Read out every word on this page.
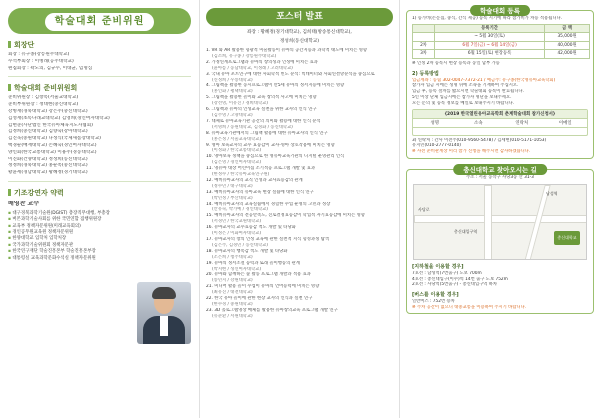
학술대회 준비위원
회장단
회장 : 유구종(강릉원주대학교)
수석부회장 : 이병래(공주대학교)
편집회장 : 곽노의, 김규수, 이대균, 임명심
학술대회 준비위원회
준비위원장 : 김창복(서울교대학교)
준비부위원장 : 정대현(충신대학교)
강병재(경북대학교) 강은주(충신대학교)
김성재(초록다래교대학교) 김영희(경인여자대학교)
김현준(사단법인 한국유아체육지도자협회)
김정희(충신대학교) 김향숙(강아대학교)
김진욱(중원대학교) 나성식(국제새롬장대학교)
백경순(배재대학교) 손혜숙(경인여자대학교)
양인회(한국교통대학교) 이용주(경동대학교)
이진화(건양대학교) 정성희(동신대학교)
정정희(경북대학교) 홍순옥(중신대학교)
황윤세(경남대학교) 황혜정(경기대학교)
기조강연자 약력
배영찬 교수
▪ 대구경북과학기술원(DGIST) 총장직무대행, 부총장
▪ 버몬과학기술사회를 위한 국민연합 집행위원장
▪ 교육부 정책자문위원(미래교육회의)
▪ 경인공무원교육원 정책자문위원
▪ 한양대학교 입학처 입학처장
▪ 국가과학기술위원회 정책자문관
▪ 한국연구재단 학술진흥본부 학술진흥본부장
▪ 대통령실 교육과학문화수석실 정책자문위원
포스터 발표
좌장 : 황혜정(경기대학교), 김희태(방송통신대학교),
정성희(동신대학교)
1. VR 와 AR 활용한 형광적 미술활동이 유아의 공간지능과 과학적 태도에 미치는 영향
(김소희, 유구종 / 강릉원주대학교)
2. 가정연계프로그램과 유아의 창의성과 인성에 미치는 효과
(윤아름 / 동남대학교, 이정례 / 고려대학교)
3. 국내 유아 포트연구에 대한 사회학적 빈도 분석: 빅데이터와 사회연결망분석을 중심으로
(신정희 / 우송대학교)
4. 그림책을 활용한 동시프로그램이 만5세 유아의 정서지능에 미치는 영향
(홍인화 / 평택대학교)
5. 그림책을 활용한 놀이와 교육 창의적 사고에 미치는 영향
(강선영, 이유진 / 경희대학교)
6. 그림책과 유아의 인성교육 실천을 위한 교사의 인식 연구
(김주영 / 고양대학교)
7. 대체로 유아교육기관 공간의 의미와 활용에 대한 인식 분석
(서명희 / 동원대학교, 김경화 / 동신대학교)
8. 유아교육기관에서의 그림책 활용에 대한 유아교사의 인식 연구
(홍은정 / 서울교육대학교)
9. 영아 보육교사의 교수 효능감이 교사-영아 상호작용에 미치는 영향
(이정화 / 한국교통대학교)
10. 영아보육 정책을 중심으로 한 영유아교육기관의 디지털 운영관리 인식
(김은영 / 경인여자대학교)
11. 영유아 대상 어린이집 조기적응 프로그램 개발 및 효과
(한정수 / 한국유아교육연구원)
12. 예비유아교사의 교직 인성과 교사효능감의 관계
(정수민 / 대구대학교)
13. 예비유아교사의 유아교육 현장 실습에 대한 인식 연구
(박민정 / 부산대학교)
14. 예비유아교사의 교육실습에서 경험한 수업 운영의 고민과 성장
(안유숙, 박가예 / 경인대학교)
15. 예비유아교사의 전공만족도, 진로결정효능감이 학업적 자기효능감에 미치는 영향
(서경민 / 한국교원대학교)
16. 유아교사의 교수효능감 척도 개발 및 타당화
(이정은 / 이화여자대학교)
17. 유아교사의 창의 인성 교육에 관한 실천적 지식 형성과정 탐색
(김은주, 김경민 / 동신대학교)
18. 유아교사의 행복감 척도 개발 및 타당화
(조은희 / 청주대학교)
19. 유아의 정서조절 능력과 또래 놀이행동의 관계
(박지현 / 성신여자대학교)
20. 유아와 함께하는 숲 활동 프로그램 개발과 적용 효과
(송민지 / 강원대학교)
21. 미디어 활용 놀이 수업이 유아의 언어능력에 미치는 영향
(최유진 / 대전대학교)
22. 한국 유아 놀이에 관한 현장 교사의 인식과 실천 연구
(한수경 / 중원대학교)
23. 3D 홀로그램영상 매체를 활용한 유아창의교육 프로그램 개발 연구
(유준환 / 서원대학교)
학술대회 등록
1) 등가비(논문집, 중식, 간식 제공) 등록 시기에 따라 참가비가 차등 적용됩니다.
	등록기간	금 액
	~ 5월 30일(토)	35,000원
2차	6월 7일(금) ~ 6월 14일(금)	40,000원
3차	6월 15일(토) 현장등록	42,000원
※ 인정 2차 등록시 현장 등록과 동일 납부 가능
2) 등록방법
입금계좌 : 농협 302-0047-7372-21 / 예금주: 유구종(한국영유아교육학회)
참가자 입금 시에는 성명 뒤에 소속을 기재하여 주십시오.
입금 후, 등록 절차를 밟으시면 학술대회 등록이 완료됩니다.
5인 이상 단체 입금시에는 참가자 명단을 보내주세요.
모든 문의 및 등록 정보를 메일로 보내주시기 바랍니다.
《2019 한국열린유아교육학회 춘계학술대회 참가신청서》
성명	소속	연락처	이메일

3) 연락처 : 간사 이전주(010-9560-5478) / 김세현(010-5171-1053)
유지민(010-2777-0140)
※ 사전 준비관계상 미리 참가 신청을 해주시면 감사하겠습니다.
충신대학교 찾아오시는 길
주소 : 서울 동작구 사당3동 산 31-3
사당로
총신대입구역
남성역
총신대학교
[지하철을 이용할 경우]
7호선 : 남성역(7번출구) 도보 700m
4호선 : 총신대입구(이수)역 14번 출구 도보 752m
2호선 : 사당역(5번출구) - 총신대입구역 하차
[버스를 이용할 경우]
일반버스 : 752번 승차
※ 주차 공간이 없으니 대중교통을 이용하여 주시기 바랍니다.
